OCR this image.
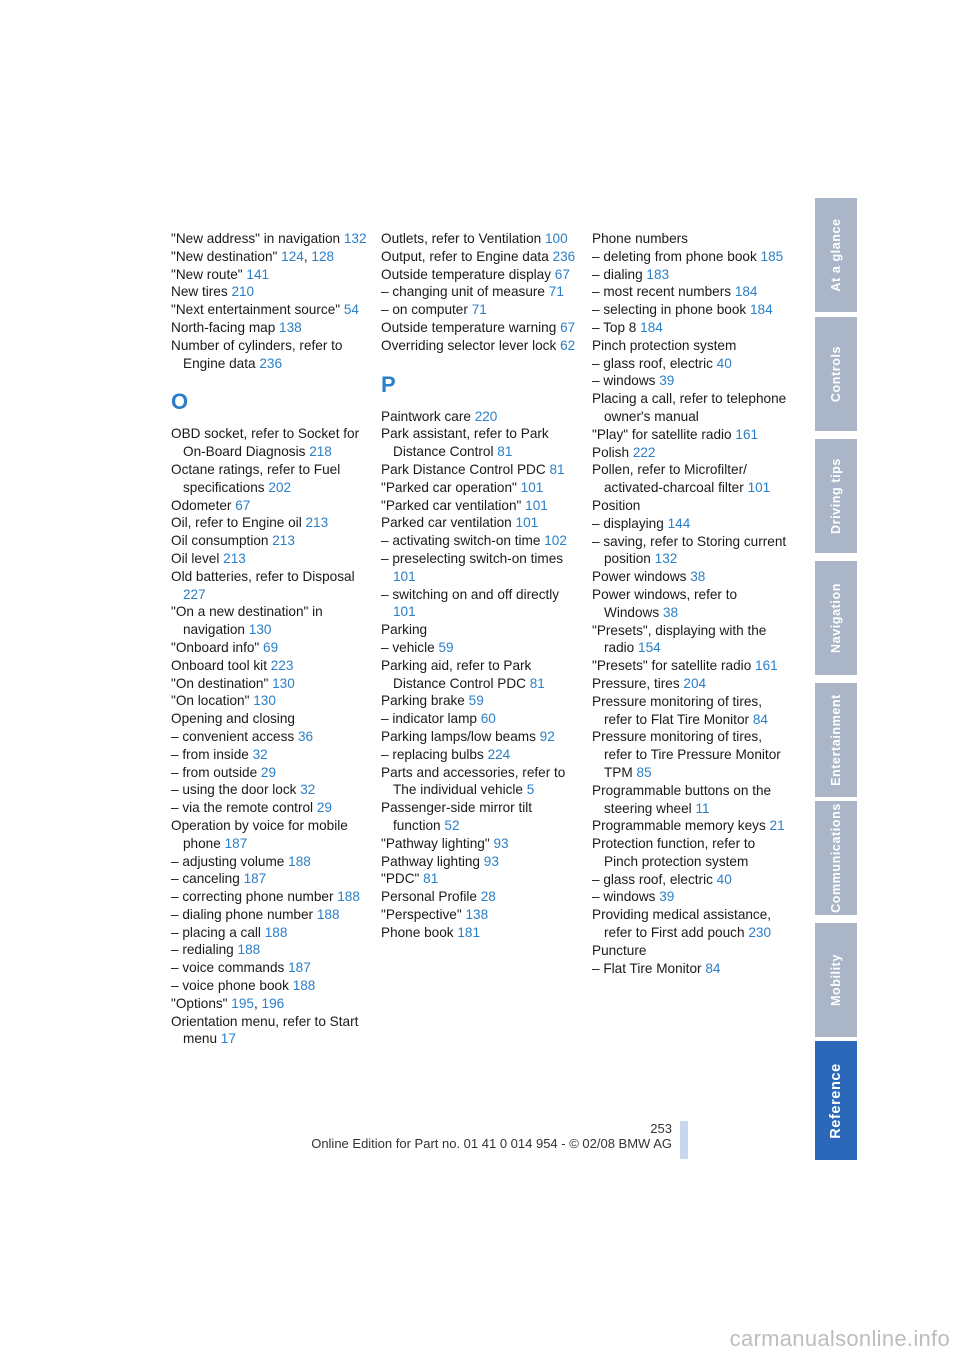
"New address" in navigation 132
"New destination" 124, 128
"New route" 141
New tires 210
"Next entertainment source" 54
North-facing map 138
Number of cylinders, refer to Engine data 236
O
OBD socket, refer to Socket for On-Board Diagnosis 218
Octane ratings, refer to Fuel specifications 202
Odometer 67
Oil, refer to Engine oil 213
Oil consumption 213
Oil level 213
Old batteries, refer to Disposal 227
"On a new destination" in navigation 130
"Onboard info" 69
Onboard tool kit 223
"On destination" 130
"On location" 130
Opening and closing
– convenient access 36
– from inside 32
– from outside 29
– using the door lock 32
– via the remote control 29
Operation by voice for mobile phone 187
– adjusting volume 188
– canceling 187
– correcting phone number 188
– dialing phone number 188
– placing a call 188
– redialing 188
– voice commands 187
– voice phone book 188
"Options" 195, 196
Orientation menu, refer to Start menu 17
Outlets, refer to Ventilation 100
Output, refer to Engine data 236
Outside temperature display 67
– changing unit of measure 71
– on computer 71
Outside temperature warning 67
Overriding selector lever lock 62
P
Paintwork care 220
Park assistant, refer to Park Distance Control 81
Park Distance Control PDC 81
"Parked car operation" 101
"Parked car ventilation" 101
Parked car ventilation 101
– activating switch-on time 102
– preselecting switch-on times 101
– switching on and off directly 101
Parking
– vehicle 59
Parking aid, refer to Park Distance Control PDC 81
Parking brake 59
– indicator lamp 60
Parking lamps/low beams 92
– replacing bulbs 224
Parts and accessories, refer to The individual vehicle 5
Passenger-side mirror tilt function 52
"Pathway lighting" 93
Pathway lighting 93
"PDC" 81
Personal Profile 28
"Perspective" 138
Phone book 181
Phone numbers
– deleting from phone book 185
– dialing 183
– most recent numbers 184
– selecting in phone book 184
– Top 8 184
Pinch protection system
– glass roof, electric 40
– windows 39
Placing a call, refer to telephone owner's manual
"Play" for satellite radio 161
Polish 222
Pollen, refer to Microfilter/ activated-charcoal filter 101
Position
– displaying 144
– saving, refer to Storing current position 132
Power windows 38
Power windows, refer to Windows 38
"Presets", displaying with the radio 154
"Presets" for satellite radio 161
Pressure, tires 204
Pressure monitoring of tires, refer to Flat Tire Monitor 84
Pressure monitoring of tires, refer to Tire Pressure Monitor TPM 85
Programmable buttons on the steering wheel 11
Programmable memory keys 21
Protection function, refer to Pinch protection system
– glass roof, electric 40
– windows 39
Providing medical assistance, refer to First add pouch 230
Puncture
– Flat Tire Monitor 84
At a glance
Controls
Driving tips
Navigation
Entertainment
Communications
Mobility
Reference
253
Online Edition for Part no. 01 41 0 014 954 - © 02/08 BMW AG
carmanualsonline.info
